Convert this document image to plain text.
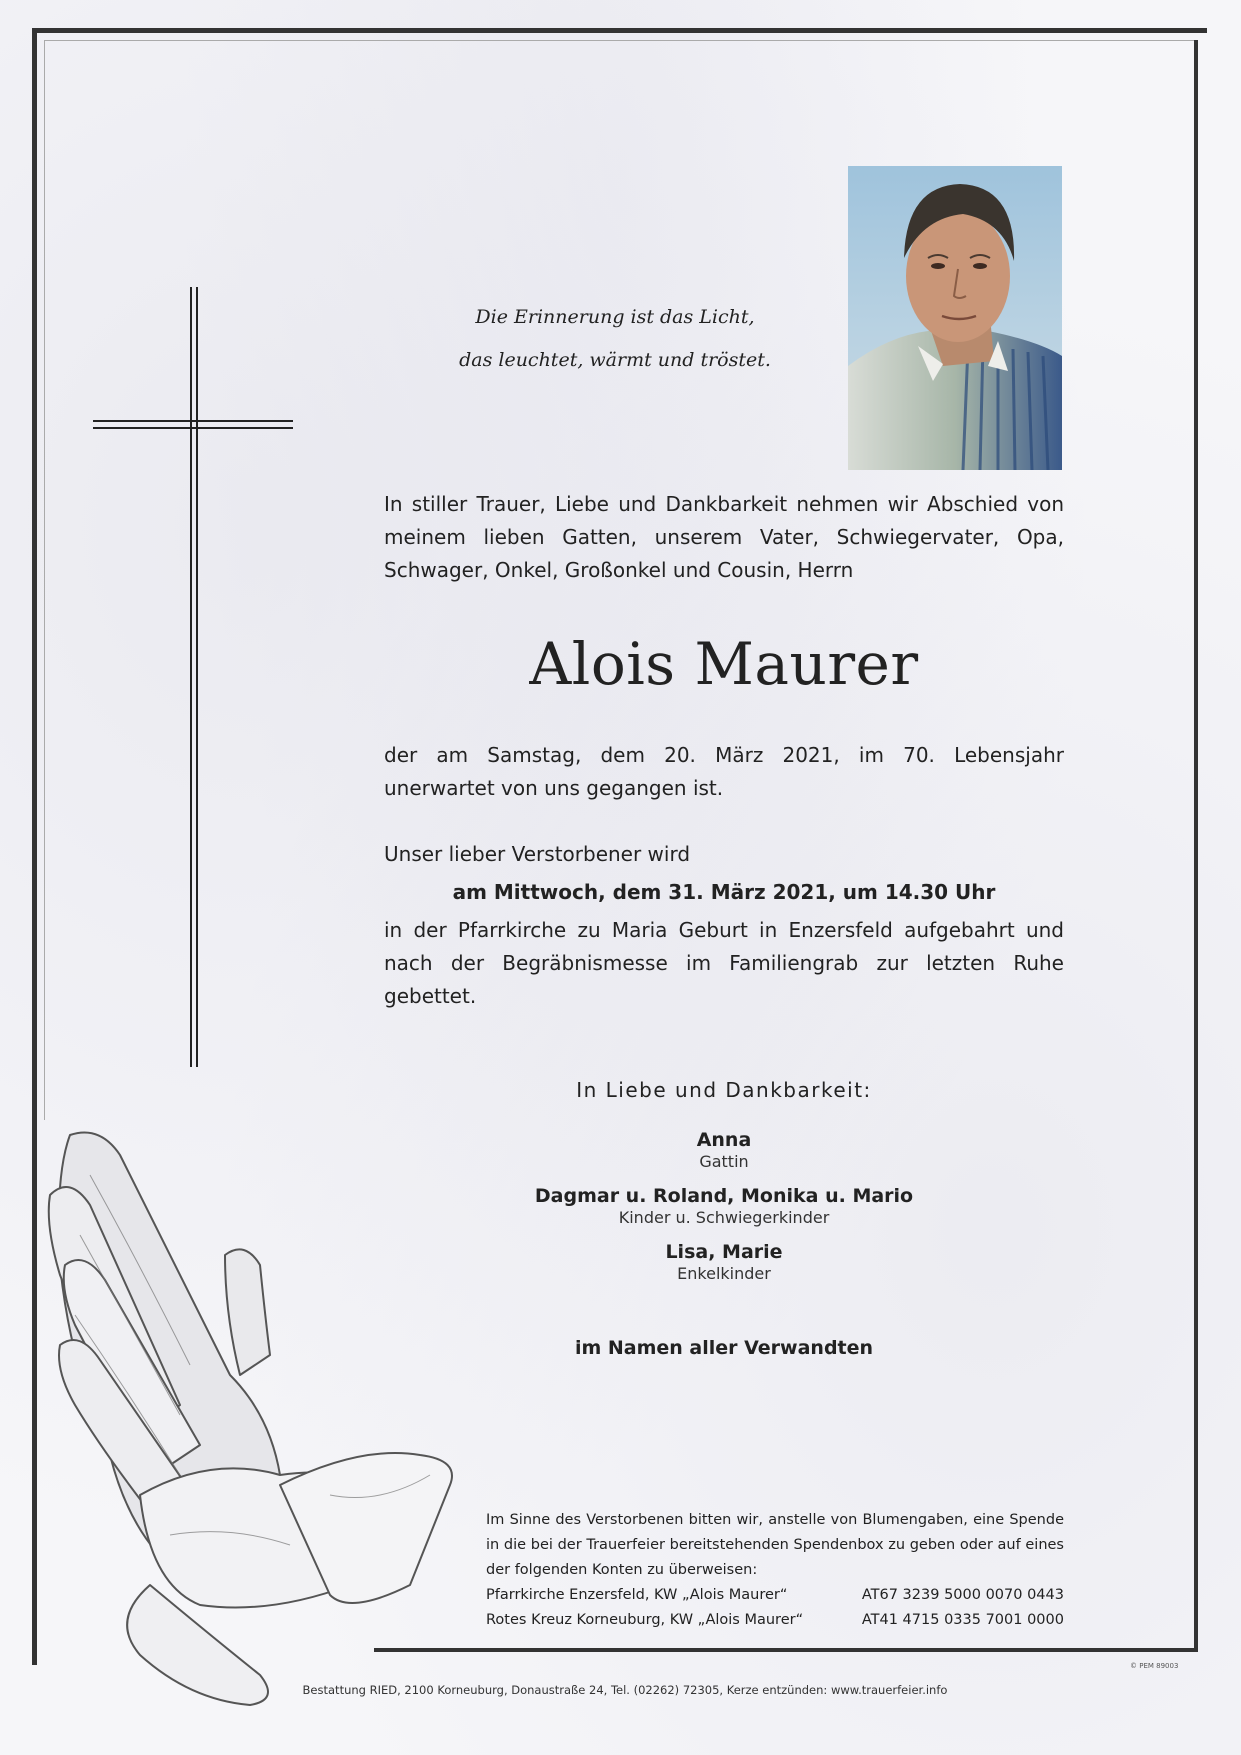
Die Erinnerung ist das Licht,
das leuchtet, wärmt und tröstet.
In stiller Trauer, Liebe und Dankbarkeit nehmen wir Abschied von meinem lieben Gatten, unserem Vater, Schwiegervater, Opa, Schwager, Onkel, Großonkel und Cousin, Herrn
Alois Maurer
der am Samstag, dem 20. März 2021, im 70. Lebensjahr unerwartet von uns gegangen ist.
Unser lieber Verstorbener wird
am Mittwoch, dem 31. März 2021, um 14.30 Uhr
in der Pfarrkirche zu Maria Geburt in Enzersfeld aufgebahrt und nach der Begräbnismesse im Familiengrab zur letzten Ruhe gebettet.
In Liebe und Dankbarkeit:
Anna
Gattin
Dagmar u. Roland, Monika u. Mario
Kinder u. Schwiegerkinder
Lisa, Marie
Enkelkinder
im Namen aller Verwandten
Im Sinne des Verstorbenen bitten wir, anstelle von Blumengaben, eine Spende in die bei der Trauerfeier bereitstehenden Spendenbox zu geben oder auf eines der folgenden Konten zu überweisen:
Pfarrkirche Enzersfeld, KW „Alois Maurer“	AT67 3239 5000 0070 0443
Rotes Kreuz Korneuburg, KW „Alois Maurer“	AT41 4715 0335 7001 0000
© PEM 89003
Bestattung RIED, 2100 Korneuburg, Donaustraße 24, Tel. (02262) 72305, Kerze entzünden: www.trauerfeier.info
